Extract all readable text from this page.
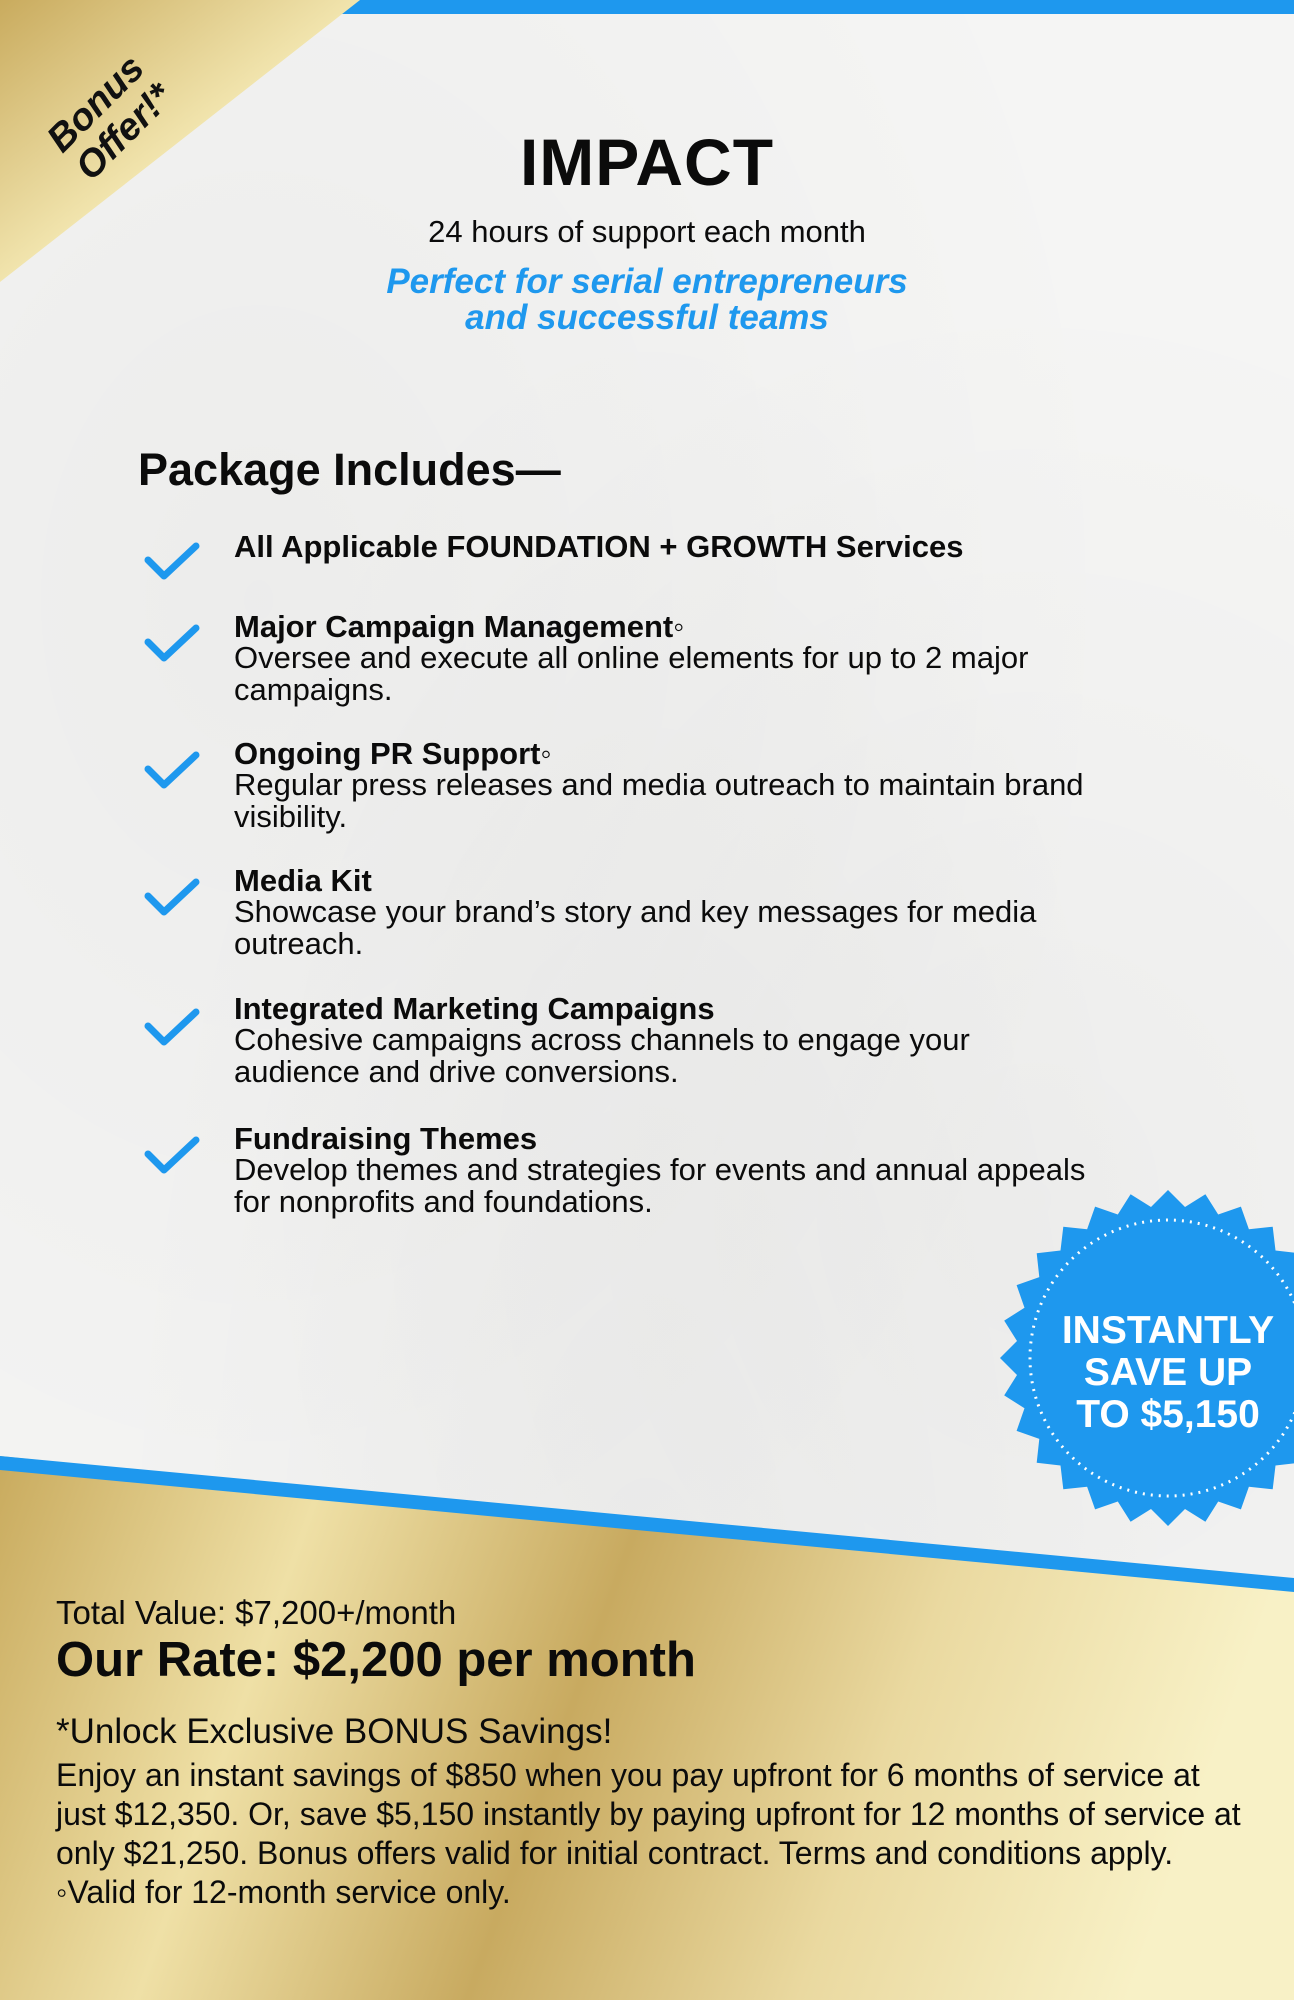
Bonus Offer!*	IMPACT
24 hours of support each month
Perfect for serial entrepreneurs
and successful teams
Package Includes—
All Applicable FOUNDATION + GROWTH Services
Major Campaign Management◦
Oversee and execute all online elements for up to 2 major campaigns.
Ongoing PR Support◦
Regular press releases and media outreach to maintain brand visibility.
Media Kit
Showcase your brand’s story and key messages for media outreach.
Integrated Marketing Campaigns
Cohesive campaigns across channels to engage your audience and drive conversions.
Fundraising Themes
Develop themes and strategies for events and annual appeals for nonprofits and foundations.
INSTANTLY
SAVE UP
TO $5,150
Total Value: $7,200+/month
Our Rate: $2,200 per month
*Unlock Exclusive BONUS Savings!
Enjoy an instant savings of $850 when you pay upfront for 6 months of service at just $12,350. Or, save $5,150 instantly by paying upfront for 12 months of service at only $21,250. Bonus offers valid for initial contract. Terms and conditions apply. ◦Valid for 12-month service only.
